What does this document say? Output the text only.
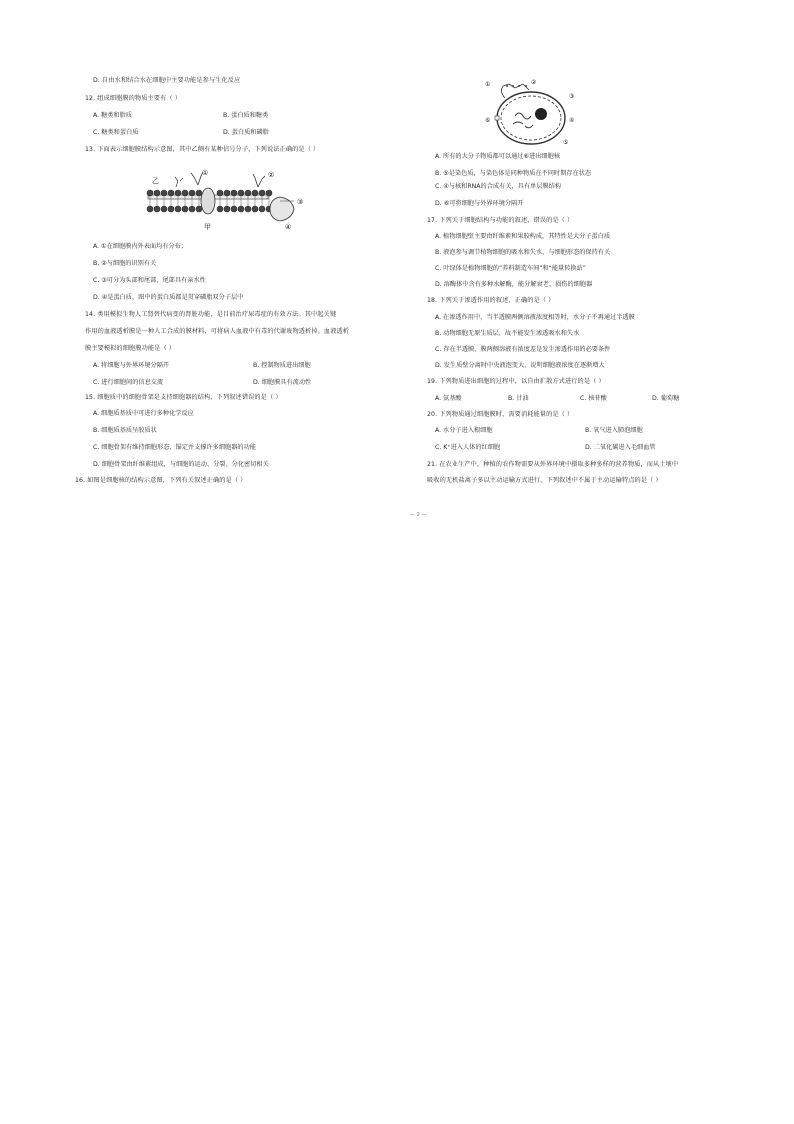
D. 自由水和结合水在细胞中主要功能是参与生化反应
12. 组成细胞膜的物质主要有（ ）
A. 糖类和脂质	B. 蛋白质和糖类
C. 糖类和蛋白质	D. 蛋白质和磷脂
13. 下面表示细胞膜结构示意图，其中乙侧有某种信号分子，下列说法正确的是（ ）
乙
①	②
③
④
甲
A. ①在细胞膜内外表面均有分布；
B. ②与细胞的识别有关
C. ③可分为头部和尾部，尾部具有亲水性
D. ④是蛋白质，图中的蛋白质都是贯穿磷脂双分子层中
14. 类用模拟生物人工肾替代病变的肾脏功能，是目前治疗尿毒症的有效方法。其中起关键
作用的血液透析膜是一种人工合成的膜材料，可将病人血液中有毒的代谢废物透析掉。血液透析
膜主要模拟的细胞膜功能是（ ）
A. 将细胞与外界环境分隔开	B. 控制物质进出细胞
C. 进行细胞间的信息交流	D. 细胞膜具有流动性
15. 细胞质中的细胞骨架是支持细胞器的结构，下列叙述错误的是（ ）
A. 细胞质基质中可进行多种化学反应
B. 细胞质基质呈胶质状
C. 细胞骨架有维持细胞形态、锚定并支撑许多细胞器的功能
D. 细胞骨架由纤维素组成，与细胞的运动、分裂、分化密切相关
16. 如图是细胞核的结构示意图，下列有关叙述正确的是（ ）
①	②
③
④
⑤
⑥
A. 所有的大分子物质都可以通过⑥进出细胞核
B. ⑤是染色质，与染色体是同种物质在不同时期存在状态
C. ④与核和RNA的合成有关，具有单层膜结构
D. ⑥可将细胞与外界环境分隔开
17. 下列关于细胞结构与功能的叙述，错误的是（ ）
A. 植物细胞壁主要由纤维素和果胶构成，其特性是大分子蛋白质
B. 液泡参与调节植物细胞的吸水和失水，与细胞形态的保持有关
C. 叶绿体是植物细胞的“养料制造车间”和“能量转换站”
D. 溶酶体中含有多种水解酶，能分解衰老、损伤的细胞器
18. 下列关于渗透作用的叙述，正确的是（ ）
A. 在渗透作用中，当半透膜两侧溶液浓度相等时，水分子不再通过半透膜
B. 动物细胞无原生质层，故不能发生渗透吸水和失水
C. 存在半透膜、膜两侧溶液有浓度差是发生渗透作用的必要条件
D. 发生质壁分离时中央液泡变大，说明细胞液浓度在逐渐增大
19. 下列物质进出细胞的过程中，以自由扩散方式进行的是（ ）
A. 氨基酸	B. 甘油	C. 核苷酸	D. 葡萄糖
20. 下列物质通过细胞膜时，需要消耗能量的是（ ）
A. 水分子进入根细胞	B. 氧气进入肺泡细胞
C. K⁺进入人体的红细胞	D. 二氧化碳进入毛细血管
21. 在农业生产中，种植的农作物需要从外界环境中摄取多种多样的营养物质，而从土壤中
吸收的无机盐离子多以主动运输方式进行，下列叙述中不属于主动运输特点的是（ ）
— 2 —
